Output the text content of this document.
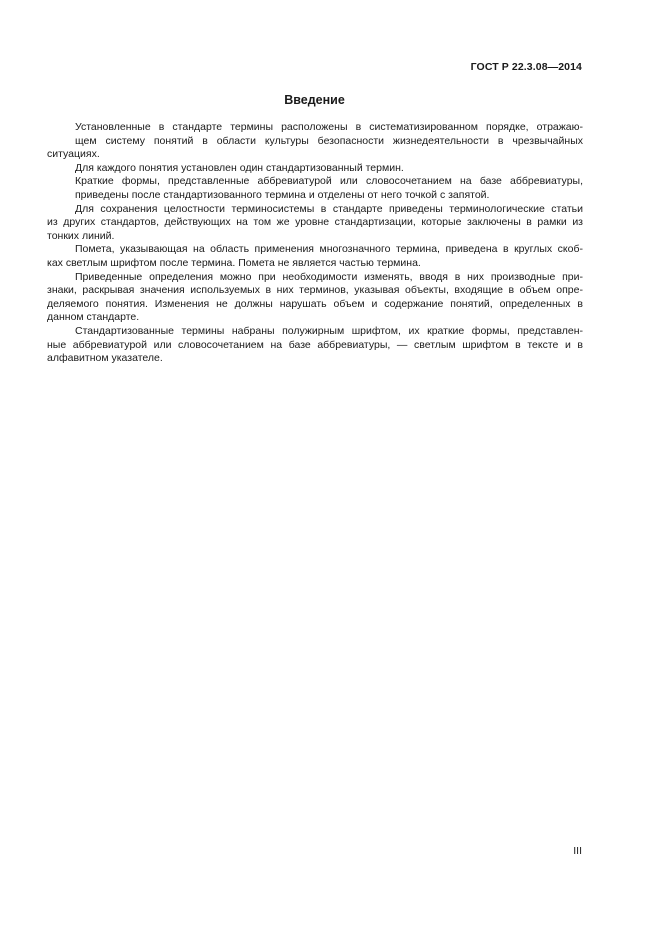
ГОСТ Р 22.3.08—2014
Введение

Установленные в стандарте термины расположены в систематизированном порядке, отражаю-
щем систему понятий в области культуры безопасности жизнедеятельности в чрезвычайных ситуациях.

Для каждого понятия установлен один стандартизованный термин.

Краткие формы, представленные аббревиатурой или словосочетанием на базе аббревиатуры,
приведены после стандартизованного термина и отделены от него точкой с запятой.

Для сохранения целостности терминосистемы в стандарте приведены терминологические статьи
из других стандартов, действующих на том же уровне стандартизации, которые заключены в рамки из
тонких линий.

Помета, указывающая на область применения многозначного термина, приведена в круглых скоб-
ках светлым шрифтом после термина. Помета не является частью термина.

Приведенные определения можно при необходимости изменять, вводя в них производные при-
знаки, раскрывая значения используемых в них терминов, указывая объекты, входящие в объем опре-
деляемого понятия. Изменения не должны нарушать объем и содержание понятий, определенных в
данном стандарте.

Стандартизованные термины набраны полужирным шрифтом, их краткие формы, представлен-
ные аббревиатурой или словосочетанием на базе аббревиатуры, — светлым шрифтом в тексте и в
алфавитном указателе.

III
